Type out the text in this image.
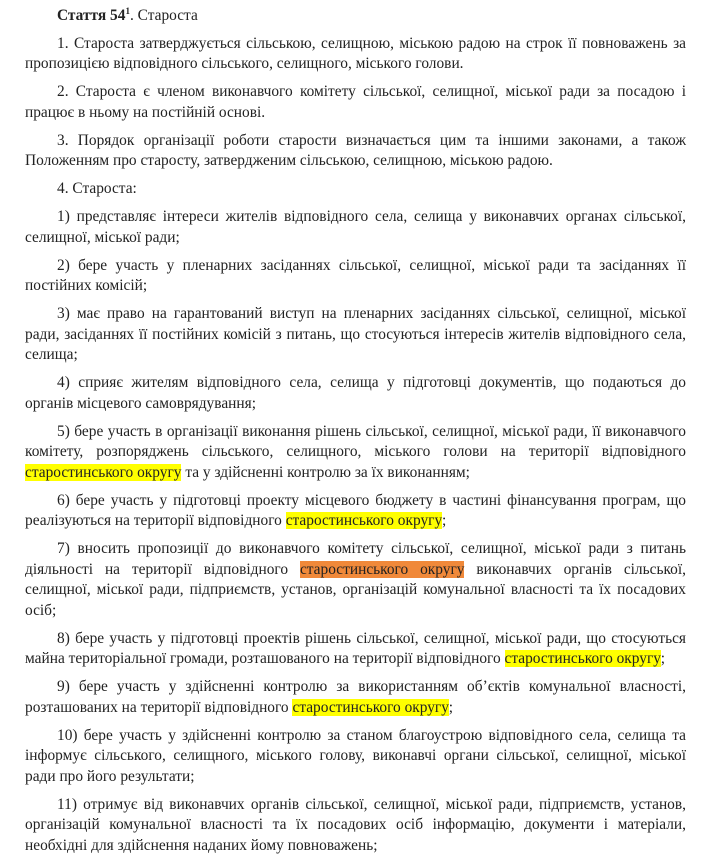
Стаття $54^1$. Староста

1. Староста затверджується сільською, селищною, міською радою на строк її повноважень за пропозицією відповідного сільського, селищного, міського голови.

2. Староста є членом виконавчого комітету сільської, селищної, міської ради за посадою і працює в ньому на постійній основі.

3. Порядок організації роботи старости визначається цим та іншими законами, а також Положенням про старосту, затвердженим сільською, селищною, міською радою.

4. Староста:

1) представляє інтереси жителів відповідного села, селища у виконавчих органах сільської, селищної, міської ради;

2) бере участь у пленарних засіданнях сільської, селищної, міської ради та засіданнях її постійних комісій;

3) має право на гарантований виступ на пленарних засіданнях сільської, селищної, міської ради, засіданнях її постійних комісій з питань, що стосуються інтересів жителів відповідного села, селища;

4) сприяє жителям відповідного села, селища у підготовці документів, що подаються до органів місцевого самоврядування;

5) бере участь в організації виконання рішень сільської, селищної, міської ради, її виконавчого комітету, розпоряджень сільського, селищного, міського голови на території відповідного старостинського округу та у здійсненні контролю за їх виконанням;

6) бере участь у підготовці проекту місцевого бюджету в частині фінансування програм, що реалізуються на території відповідного старостинського округу;

7) вносить пропозиції до виконавчого комітету сільської, селищної, міської ради з питань діяльності на території відповідного старостинського округу виконавчих органів сільської, селищної, міської ради, підприємств, установ, організацій комунальної власності та їх посадових осіб;

8) бере участь у підготовці проектів рішень сільської, селищної, міської ради, що стосуються майна територіальної громади, розташованого на території відповідного старостинського округу;

9) бере участь у здійсненні контролю за використанням об’єктів комунальної власності, розташованих на території відповідного старостинського округу;

10) бере участь у здійсненні контролю за станом благоустрою відповідного села, селища та інформує сільського, селищного, міського голову, виконавчі органи сільської, селищної, міської ради про його результати;

11) отримує від виконавчих органів сільської, селищної, міської ради, підприємств, установ, організацій комунальної власності та їх посадових осіб інформацію, документи і матеріали, необхідні для здійснення наданих йому повноважень;
